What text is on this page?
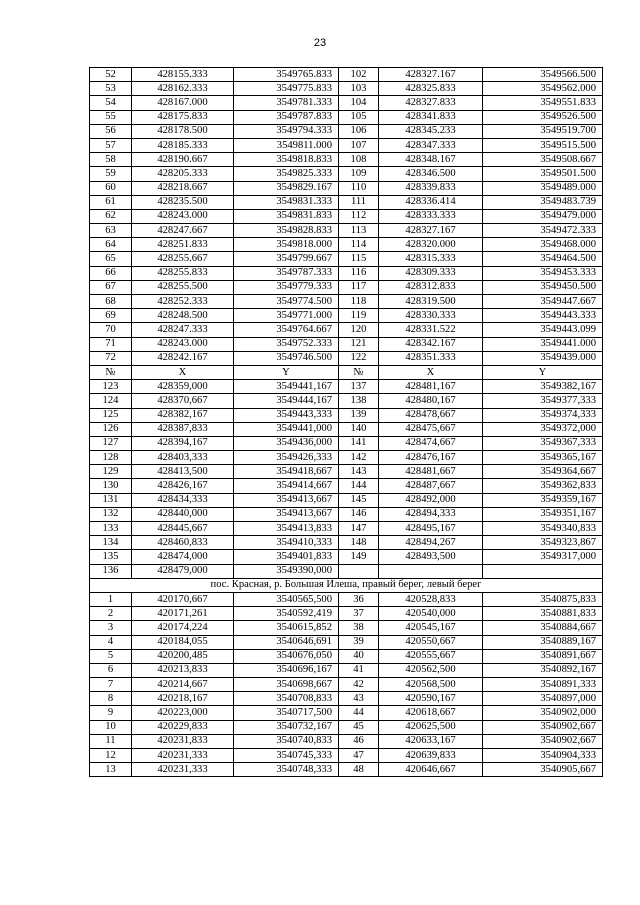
23
52	428155.333	3549765.833	102	428327.167	3549566.500
53	428162.333	3549775.833	103	428325.833	3549562.000
54	428167.000	3549781.333	104	428327.833	3549551.833
55	428175.833	3549787.833	105	428341.833	3549526.500
56	428178.500	3549794.333	106	428345.233	3549519.700
57	428185.333	3549811.000	107	428347.333	3549515.500
58	428190.667	3549818.833	108	428348.167	3549508.667
59	428205.333	3549825.333	109	428346.500	3549501.500
60	428218.667	3549829.167	110	428339.833	3549489.000
61	428235.500	3549831.333	111	428336.414	3549483.739
62	428243.000	3549831.833	112	428333.333	3549479.000
63	428247.667	3549828.833	113	428327.167	3549472.333
64	428251.833	3549818.000	114	428320.000	3549468.000
65	428255.667	3549799.667	115	428315.333	3549464.500
66	428255.833	3549787.333	116	428309.333	3549453.333
67	428255.500	3549779.333	117	428312.833	3549450.500
68	428252.333	3549774.500	118	428319.500	3549447.667
69	428248.500	3549771.000	119	428330.333	3549443.333
70	428247.333	3549764.667	120	428331.522	3549443.099
71	428243.000	3549752.333	121	428342.167	3549441.000
72	428242.167	3549746.500	122	428351.333	3549439.000
№	X	Y	№	X	Y
123	428359,000	3549441,167	137	428481,167	3549382,167
124	428370,667	3549444,167	138	428480,167	3549377,333
125	428382,167	3549443,333	139	428478,667	3549374,333
126	428387,833	3549441,000	140	428475,667	3549372,000
127	428394,167	3549436,000	141	428474,667	3549367,333
128	428403,333	3549426,333	142	428476,167	3549365,167
129	428413,500	3549418,667	143	428481,667	3549364,667
130	428426,167	3549414,667	144	428487,667	3549362,833
131	428434,333	3549413,667	145	428492,000	3549359,167
132	428440,000	3549413,667	146	428494,333	3549351,167
133	428445,667	3549413,833	147	428495,167	3549340,833
134	428460,833	3549410,333	148	428494,267	3549323,867
135	428474,000	3549401,833	149	428493,500	3549317,000
136	428479,000	3549390,000			
пос. Красная, р. Большая Илеша, правый берег, левый берег					
1	420170,667	3540565,500	36	420528,833	3540875,833
2	420171,261	3540592,419	37	420540,000	3540881,833
3	420174,224	3540615,852	38	420545,167	3540884,667
4	420184,055	3540646,691	39	420550,667	3540889,167
5	420200,485	3540676,050	40	420555,667	3540891,667
6	420213,833	3540696,167	41	420562,500	3540892,167
7	420214,667	3540698,667	42	420568,500	3540891,333
8	420218,167	3540708,833	43	420590,167	3540897,000
9	420223,000	3540717,500	44	420618,667	3540902,000
10	420229,833	3540732,167	45	420625,500	3540902,667
11	420231,833	3540740,833	46	420633,167	3540902,667
12	420231,333	3540745,333	47	420639,833	3540904,333
13	420231,333	3540748,333	48	420646,667	3540905,667
